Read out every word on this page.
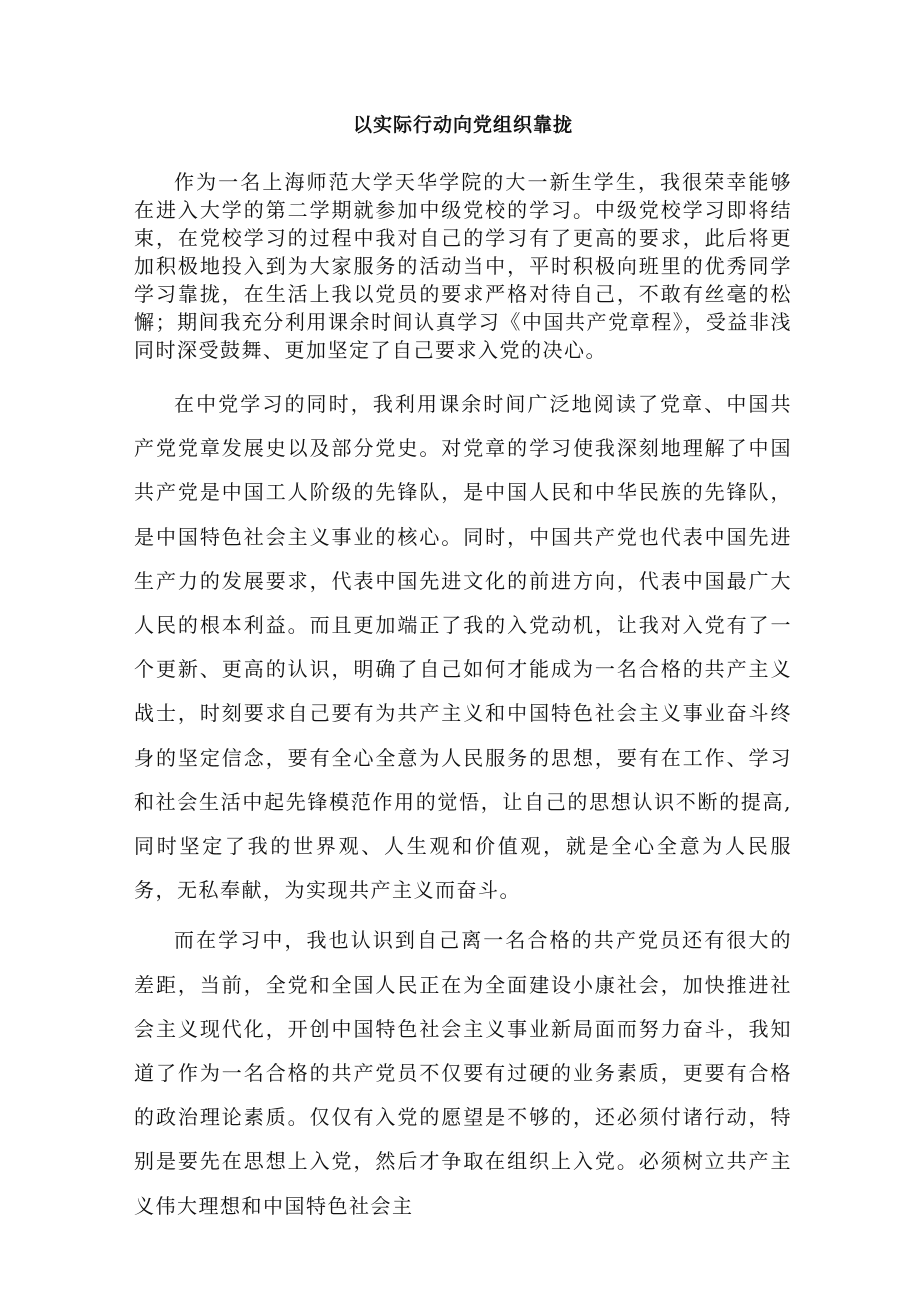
以实际行动向党组织靠拢

作为一名上海师范大学天华学院的大一新生学生，我很荣幸能够在进入大学的第二学期就参加中级党校的学习。中级党校学习即将结束，在党校学习的过程中我对自己的学习有了更高的要求，此后将更加积极地投入到为大家服务的活动当中，平时积极向班里的优秀同学学习靠拢，在生活上我以党员的要求严格对待自己，不敢有丝毫的松懈；期间我充分利用课余时间认真学习《中国共产党章程》，受益非浅同时深受鼓舞、更加坚定了自己要求入党的决心。

在中党学习的同时，我利用课余时间广泛地阅读了党章、中国共产党党章发展史以及部分党史。对党章的学习使我深刻地理解了中国共产党是中国工人阶级的先锋队，是中国人民和中华民族的先锋队，是中国特色社会主义事业的核心。同时，中国共产党也代表中国先进生产力的发展要求，代表中国先进文化的前进方向，代表中国最广大人民的根本利益。而且更加端正了我的入党动机，让我对入党有了一个更新、更高的认识，明确了自己如何才能成为一名合格的共产主义战士，时刻要求自己要有为共产主义和中国特色社会主义事业奋斗终身的坚定信念，要有全心全意为人民服务的思想，要有在工作、学习和社会生活中起先锋模范作用的觉悟，让自己的思想认识不断的提高,同时坚定了我的世界观、人生观和价值观，就是全心全意为人民服务，无私奉献，为实现共产主义而奋斗。

而在学习中，我也认识到自己离一名合格的共产党员还有很大的差距，当前，全党和全国人民正在为全面建设小康社会，加快推进社会主义现代化，开创中国特色社会主义事业新局面而努力奋斗，我知道了作为一名合格的共产党员不仅要有过硬的业务素质，更要有合格的政治理论素质。仅仅有入党的愿望是不够的，还必须付诸行动，特别是要先在思想上入党，然后才争取在组织上入党。必须树立共产主义伟大理想和中国特色社会主
